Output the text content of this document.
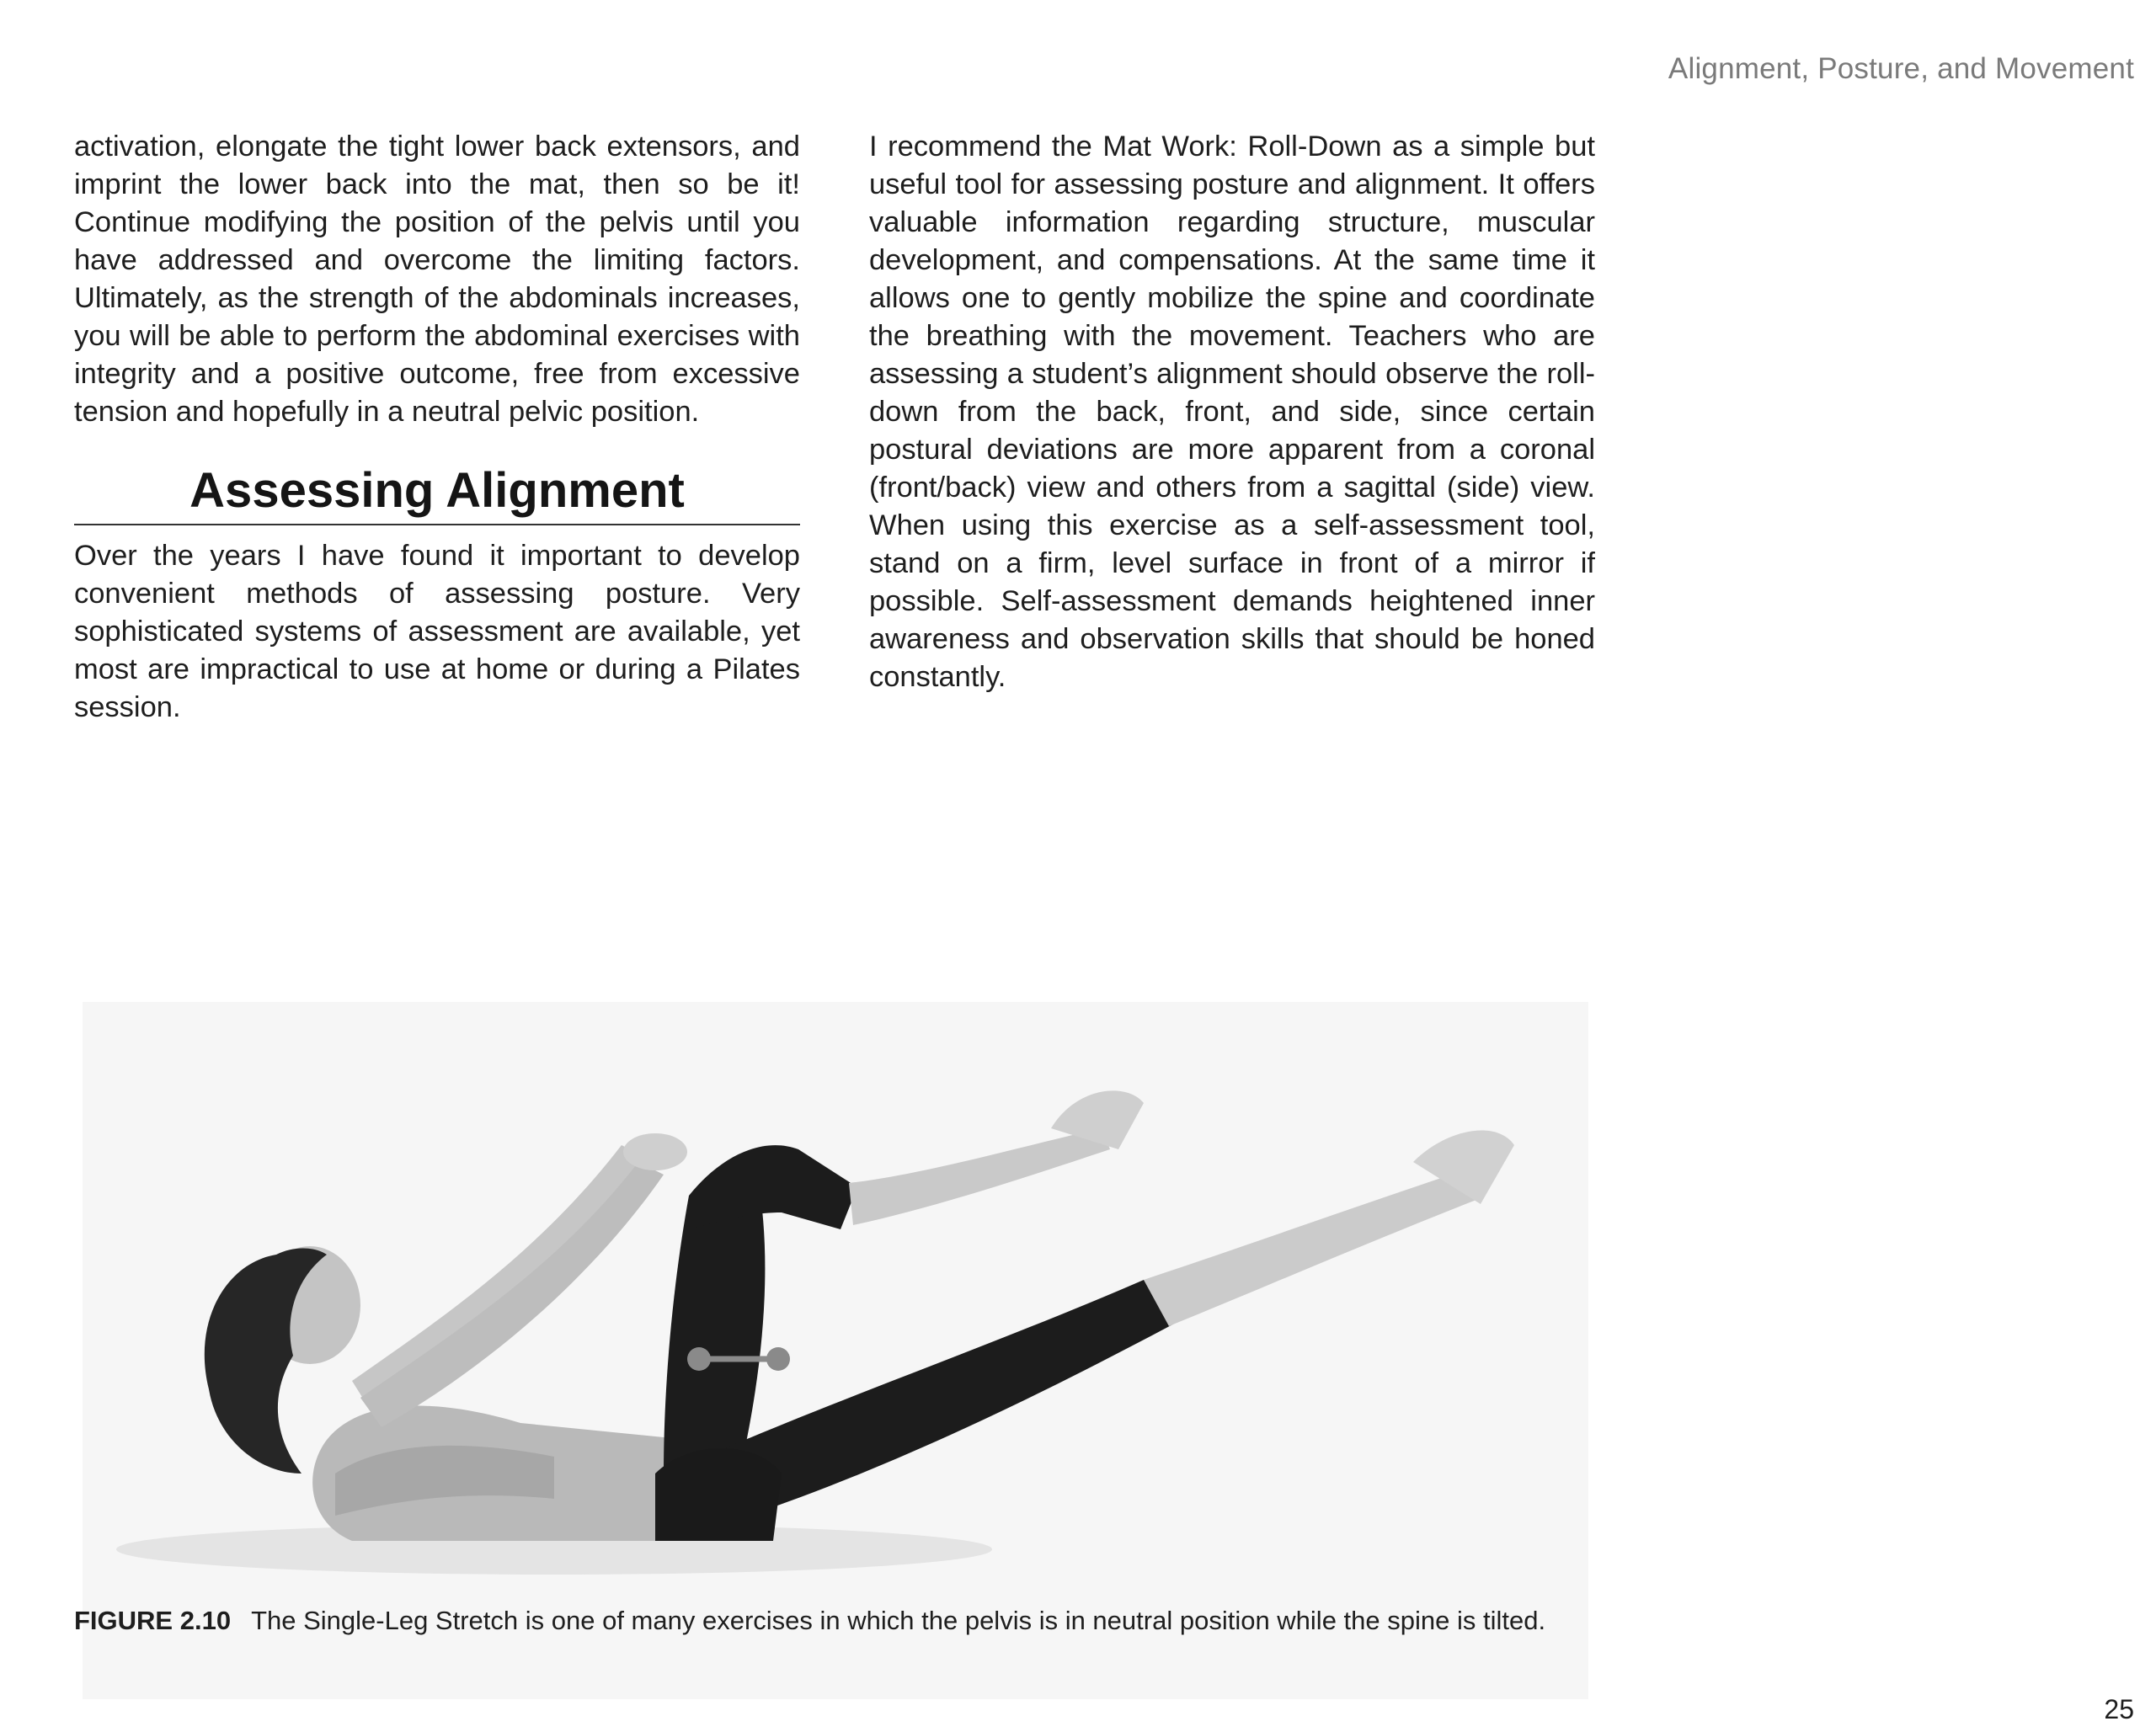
Alignment, Posture, and Movement

activation, elongate the tight lower back extensors, and imprint the lower back into the mat, then so be it! Continue modifying the position of the pelvis until you have addressed and overcome the limiting factors. Ultimately, as the strength of the abdominals increases, you will be able to perform the abdominal exercises with integrity and a positive outcome, free from excessive tension and hopefully in a neutral pelvic position.

Assessing Alignment

Over the years I have found it important to develop convenient methods of assessing posture. Very sophisticated systems of assessment are available, yet most are impractical to use at home or during a Pilates session.

I recommend the Mat Work: Roll-Down as a simple but useful tool for assessing posture and alignment. It offers valuable information regarding structure, muscular development, and compensations. At the same time it allows one to gently mobilize the spine and coordinate the breathing with the movement. Teachers who are assessing a student’s alignment should observe the roll-down from the back, front, and side, since certain postural deviations are more apparent from a coronal (front/back) view and others from a sagittal (side) view. When using this exercise as a self-assessment tool, stand on a firm, level surface in front of a mirror if possible. Self-assessment demands heightened inner awareness and observation skills that should be honed constantly.

FIGURE 2.10 The Single-Leg Stretch is one of many exercises in which the pelvis is in neutral position while the spine is tilted.
25
